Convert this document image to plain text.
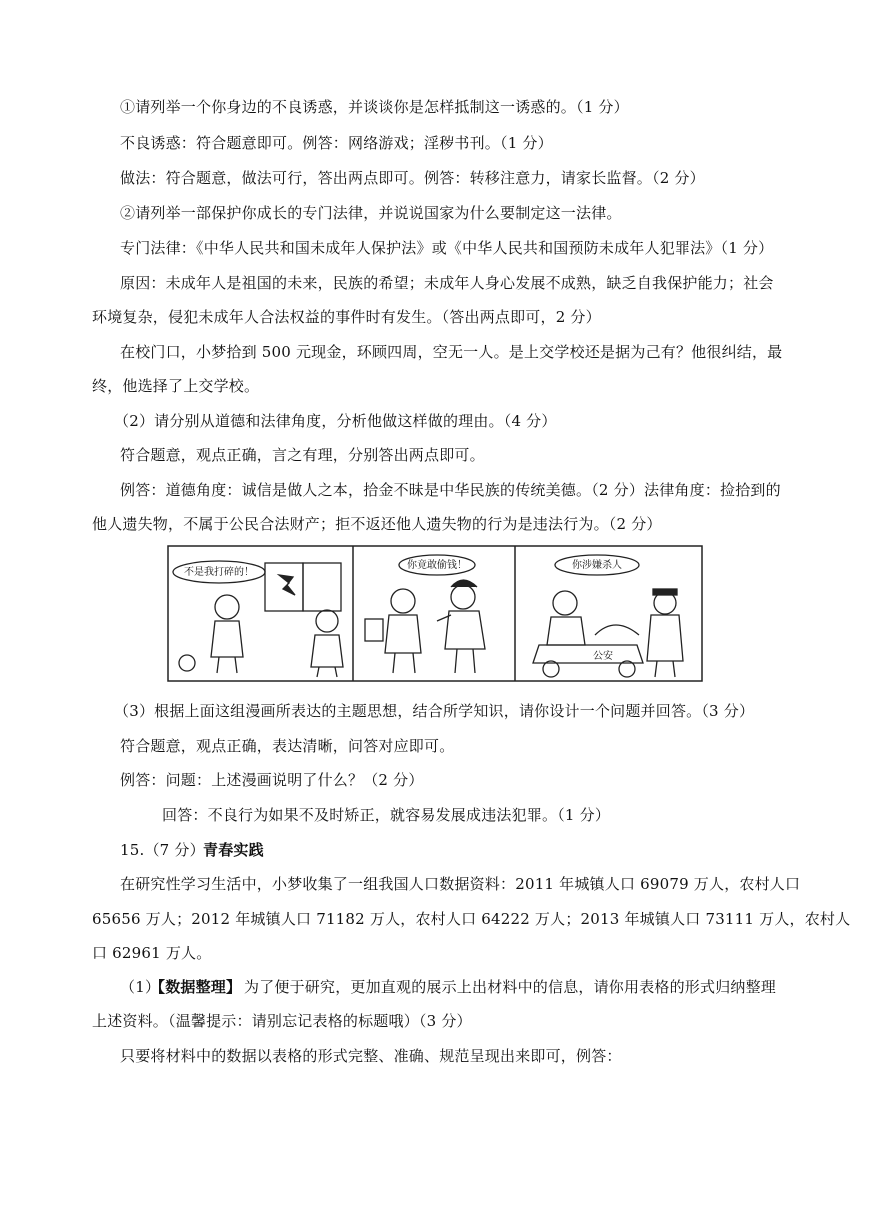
①请列举一个你身边的不良诱惑，并谈谈你是怎样抵制这一诱惑的。（1 分）
不良诱惑：符合题意即可。例答：网络游戏；淫秽书刊。（1 分）
做法：符合题意，做法可行，答出两点即可。例答：转移注意力，请家长监督。（2 分）
②请列举一部保护你成长的专门法律，并说说国家为什么要制定这一法律。
专门法律：《中华人民共和国未成年人保护法》或《中华人民共和国预防未成年人犯罪法》（1 分）
原因：未成年人是祖国的未来，民族的希望；未成年人身心发展不成熟，缺乏自我保护能力；社会
环境复杂，侵犯未成年人合法权益的事件时有发生。（答出两点即可，2 分）
在校门口，小梦拾到 500 元现金，环顾四周，空无一人。是上交学校还是据为己有？他很纠结，最
终，他选择了上交学校。
（2）请分别从道德和法律角度，分析他做这样做的理由。（4 分）
符合题意，观点正确，言之有理，分别答出两点即可。
例答：道德角度：诚信是做人之本，拾金不昧是中华民族的传统美德。（2 分）法律角度：捡拾到的
他人遗失物，不属于公民合法财产；拒不返还他人遗失物的行为是违法行为。（2 分）
不是我打碎的！
你竟敢偷钱！	你涉嫌杀人
公安
（3）根据上面这组漫画所表达的主题思想，结合所学知识，请你设计一个问题并回答。（3 分）
符合题意，观点正确，表达清晰，问答对应即可。
例答：问题：上述漫画说明了什么？（2 分）
回答：不良行为如果不及时矫正，就容易发展成违法犯罪。（1 分）
15.（7 分）
青春实践
在研究性学习生活中，小梦收集了一组我国人口数据资料：2011 年城镇人口 69079 万人，农村人口
65656 万人；2012 年城镇人口 71182 万人，农村人口 64222 万人；2013 年城镇人口 73111 万人，农村人
口 62961 万人。
（1）
【数据整理】 为了便于研究，更加直观的展示上出材料中的信息，请你用表格的形式归纳整理
上述资料。（温馨提示：请别忘记表格的标题哦）（3 分）
只要将材料中的数据以表格的形式完整、准确、规范呈现出来即可，例答：
